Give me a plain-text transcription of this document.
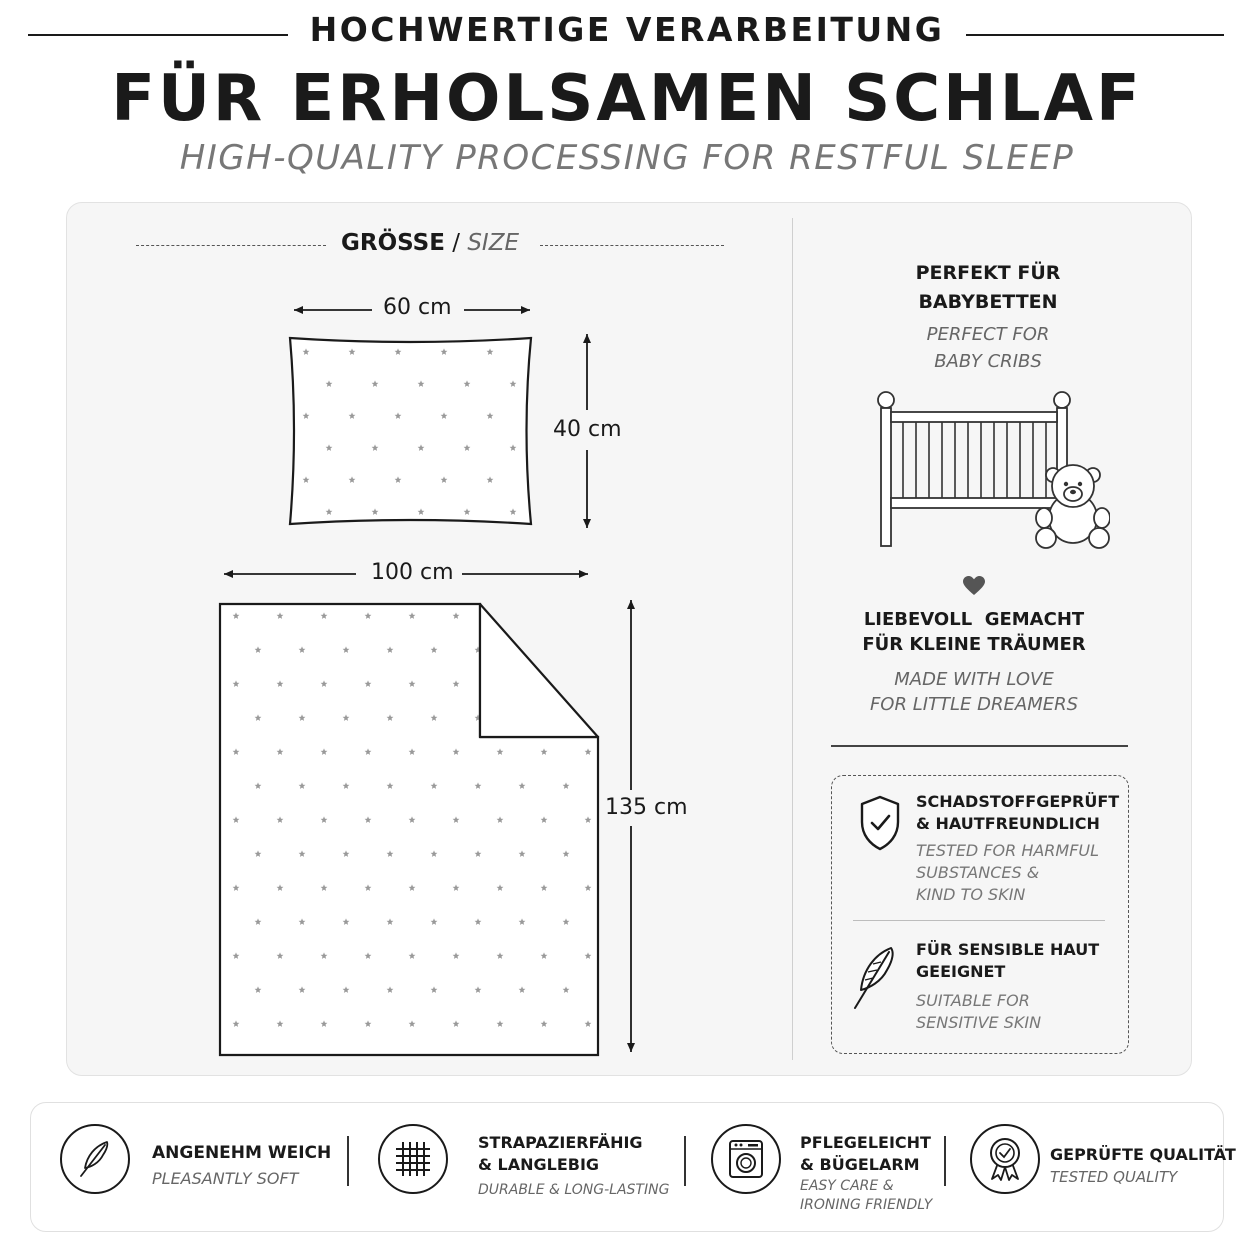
HOCHWERTIGE VERARBEITUNG
FÜR ERHOLSAMEN SCHLAF
HIGH-QUALITY PROCESSING FOR RESTFUL SLEEP
GRÖSSE / SIZE
60 cm
40 cm
100 cm
135 cm
PERFEKT FÜR
BABYBETTEN
PERFECT FOR
BABY CRIBS
LIEBEVOLL  GEMACHT
FÜR KLEINE TRÄUMER
MADE WITH LOVE
FOR LITTLE DREAMERS
SCHADSTOFFGEPRÜFT
& HAUTFREUNDLICH
TESTED FOR HARMFUL
SUBSTANCES &
KIND TO SKIN
FÜR SENSIBLE HAUT
GEEIGNET
SUITABLE FOR
SENSITIVE SKIN
ANGENEHM WEICH
PLEASANTLY SOFT
STRAPAZIERFÄHIG
& LANGLEBIG
DURABLE & LONG-LASTING
PFLEGELEICHT
& BÜGELARM
EASY CARE &
IRONING FRIENDLY
GEPRÜFTE QUALITÄT
TESTED QUALITY
